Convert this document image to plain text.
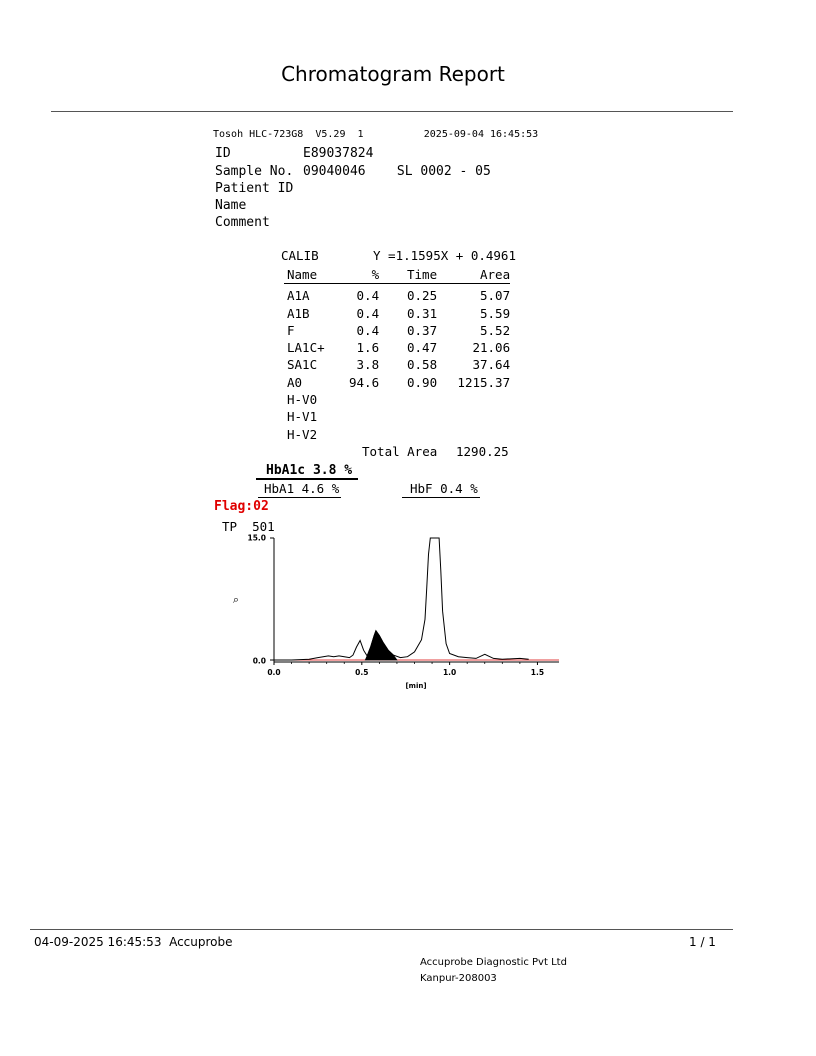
Chromatogram Report
Tosoh HLC-723G8 V5.29 1	2025-09-04 16:45:53
ID	E89037824
Sample No. 09040046    SL 0002 - 05
Patient ID
Name
Comment
CALIB	Y =1.1595X + 0.4961
Name	%	Time	Area
A1A	0.4	0.25	5.07
A1B	0.4	0.31	5.59
F	0.4	0.37	5.52
LA1C+	1.6	0.47	21.06
SA1C	3.8	0.58	37.64
A0	94.6	0.90	1215.37
H-V0			
H-V1			
H-V2			
Total Area 1290.25
HbA1c 3.8 %
HbA1 4.6 %	HbF 0.4 %
Flag:02
TP  501
15.0
0.0
⌕
[min]
0.0	0.5	1.0	1.5
04-09-2025 16:45:53  Accuprobe	1 / 1
Accuprobe Diagnostic Pvt Ltd
Kanpur-208003
